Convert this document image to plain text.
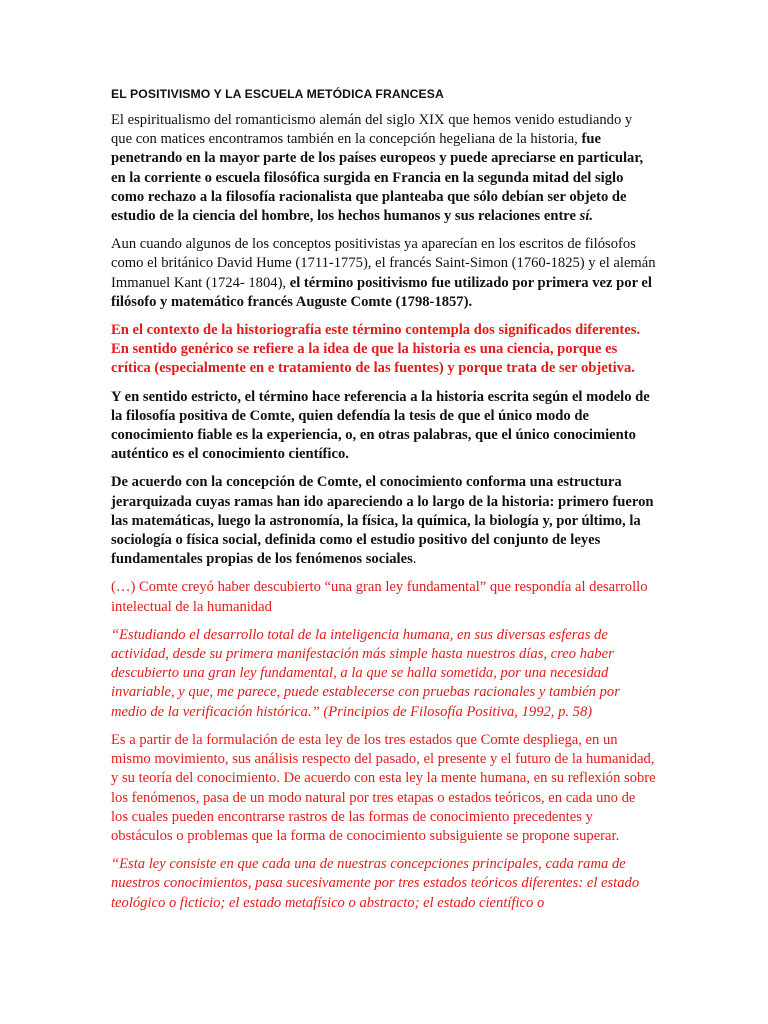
EL POSITIVISMO Y LA ESCUELA METÓDICA FRANCESA

El espiritualismo del romanticismo alemán del siglo XIX que hemos venido estudiando y que con matices encontramos también en la concepción hegeliana de la historia, fue penetrando en la mayor parte de los países europeos y puede apreciarse en particular, en la corriente o escuela filosófica surgida en Francia en la segunda mitad del siglo como rechazo a la filosofía racionalista que planteaba que sólo debían ser objeto de estudio de la ciencia del hombre, los hechos humanos y sus relaciones entre sí.

Aun cuando algunos de los conceptos positivistas ya aparecían en los escritos de filósofos como el británico David Hume (1711-1775), el francés Saint-Simon (1760-1825) y el alemán Immanuel Kant (1724- 1804), el término positivismo fue utilizado por primera vez por el filósofo y matemático francés Auguste Comte (1798-1857).

En el contexto de la historiografía este término contempla dos significados diferentes. En sentido genérico se refiere a la idea de que la historia es una ciencia, porque es crítica (especialmente en e tratamiento de las fuentes) y porque trata de ser objetiva.

Y en sentido estricto, el término hace referencia a la historia escrita según el modelo de la filosofía positiva de Comte, quien defendía la tesis de que el único modo de conocimiento fiable es la experiencia, o, en otras palabras, que el único conocimiento auténtico es el conocimiento científico.

De acuerdo con la concepción de Comte, el conocimiento conforma una estructura jerarquizada cuyas ramas han ido apareciendo a lo largo de la historia: primero fueron las matemáticas, luego la astronomía, la física, la química, la biología y, por último, la sociología o física social, definida como el estudio positivo del conjunto de leyes fundamentales propias de los fenómenos sociales.

(…) Comte creyó haber descubierto “una gran ley fundamental” que respondía al desarrollo intelectual de la humanidad

“Estudiando el desarrollo total de la inteligencia humana, en sus diversas esferas de actividad, desde su primera manifestación más simple hasta nuestros días, creo haber descubierto una gran ley fundamental, a la que se halla sometida, por una necesidad invariable, y que, me parece, puede establecerse con pruebas racionales y también por medio de la verificación histórica.” (Principios de Filosofía Positiva, 1992, p. 58)

Es a partir de la formulación de esta ley de los tres estados que Comte despliega, en un mismo movimiento, sus análisis respecto del pasado, el presente y el futuro de la humanidad, y su teoría del conocimiento. De acuerdo con esta ley la mente humana, en su reflexión sobre los fenómenos, pasa de un modo natural por tres etapas o estados teóricos, en cada uno de los cuales pueden encontrarse rastros de las formas de conocimiento precedentes y obstáculos o problemas que la forma de conocimiento subsiguiente se propone superar.

“Esta ley consiste en que cada una de nuestras concepciones principales, cada rama de nuestros conocimientos, pasa sucesivamente por tres estados teóricos diferentes: el estado teológico o ficticio; el estado metafísico o abstracto; el estado científico o
